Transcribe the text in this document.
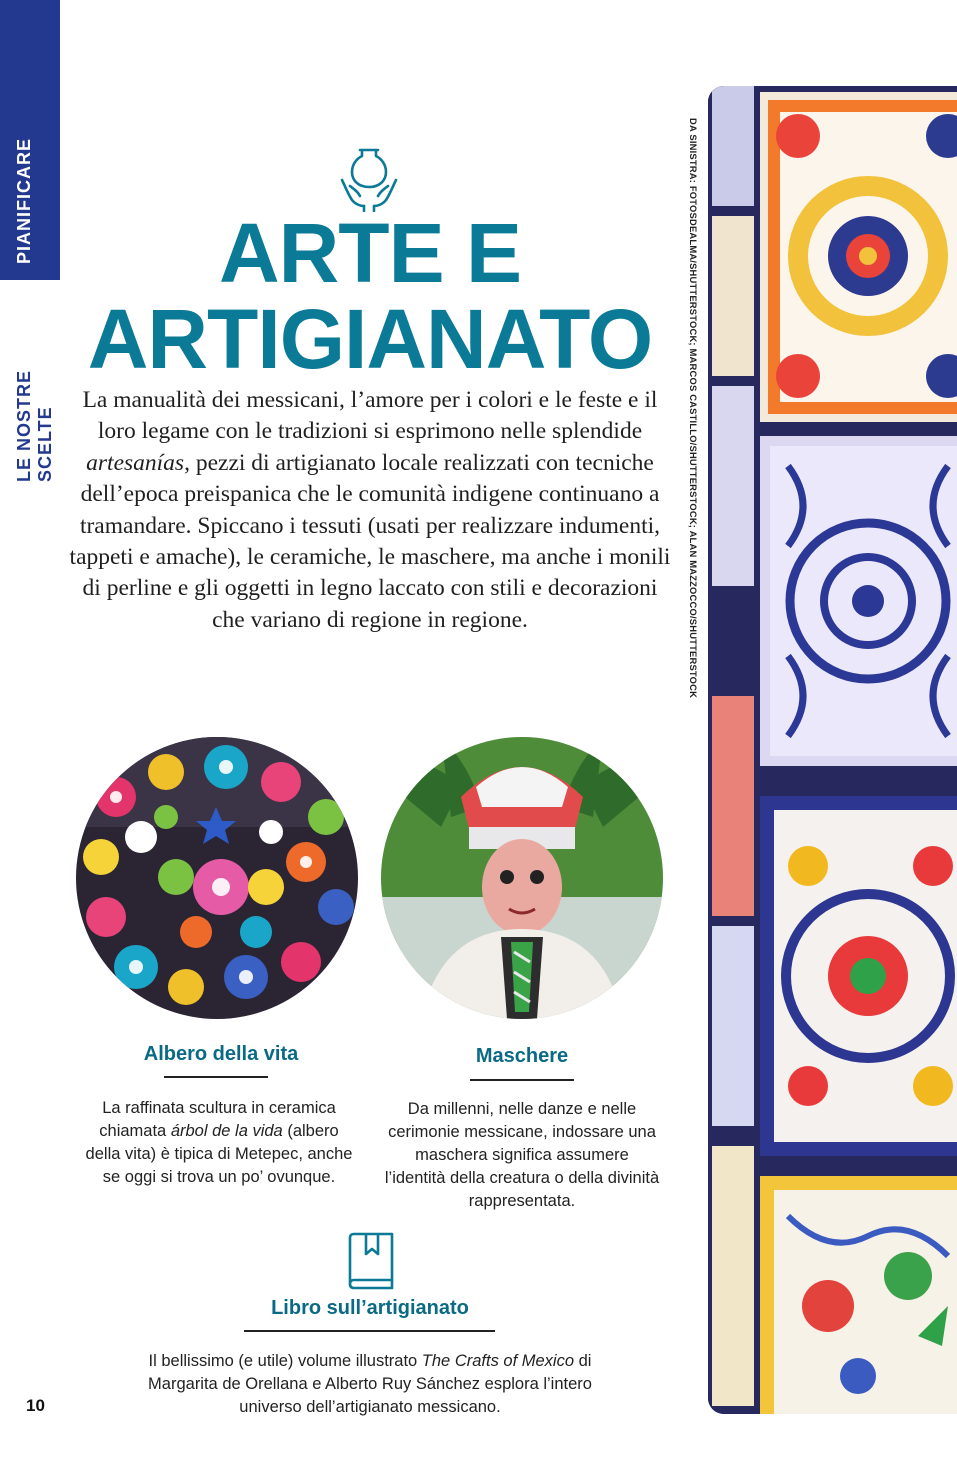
PIANIFICARE
LE NOSTRE SCELTE
10
ARTE E
ARTIGIANATO

La manualità dei messicani, l’amore per i colori e le feste e il loro legame con le tradizioni si esprimono nelle splendide artesanías, pezzi di artigianato locale realizzati con tecniche dell’epoca preispanica che le comunità indigene continuano a tramandare. Spiccano i tessuti (usati per realizzare indumenti, tappeti e amache), le ceramiche, le maschere, ma anche i monili di perline e gli oggetti in legno laccato con stili e decorazioni che variano di regione in regione.

Albero della vita

La raffinata scultura in ceramica chiamata árbol de la vida (albero della vita) è tipica di Metepec, anche se oggi si trova un po’ ovunque.

Maschere

Da millenni, nelle danze e nelle cerimonie messicane, indossare una maschera significa assumere l’identità della creatura o della divinità rappresentata.

Libro sull’artigianato

Il bellissimo (e utile) volume illustrato The Crafts of Mexico di Margarita de Orellana e Alberto Ruy Sánchez esplora l’intero universo dell’artigianato messicano.

DA SINISTRA: FOTOSDEALMA/SHUTTERSTOCK; MARCOS CASTILLO/SHUTTERSTOCK; ALAN MAZZOCCO/SHUTTERSTOCK
